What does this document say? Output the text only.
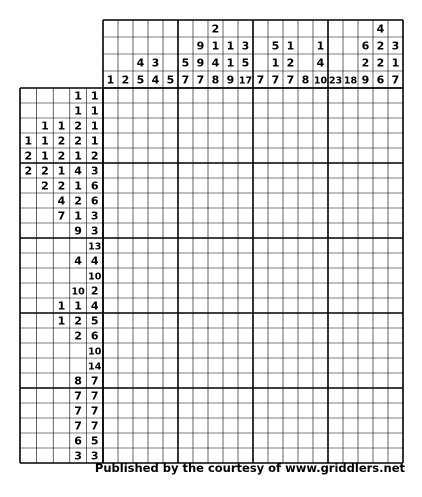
1 2
4
5
3
4 5
5
7
9
9
7
2
1
4
8
1
1
9
3
5
17 7
5
1
7
1
2
7 8
1
4
10 23 18
6
2
9
4
2
2
6
3
1
7
1 1
1 1
1 1 2 1
1 1 2 2 1
2 1 2 1 2
2 2 1 4 3
2 2 1 6
4 2 6
7 1 3
9 3
13
4 4
10
10 2
1 1 4
1 2 5
2 6
10
14
8 7
7 7
7 7
7 7
6 5
3 3
Published by the courtesy of www.griddlers.net
